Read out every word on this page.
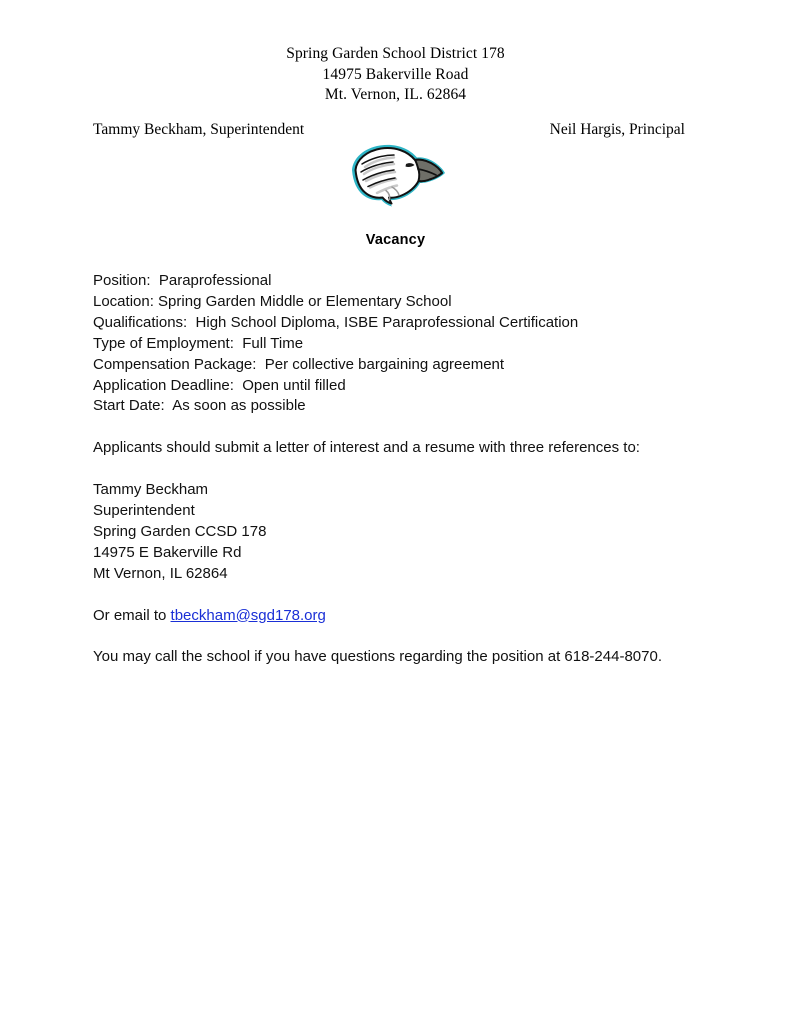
Spring Garden School District 178
14975 Bakerville Road
Mt. Vernon, IL. 62864
Tammy Beckham, Superintendent	Neil Hargis, Principal
Vacancy
Position:  Paraprofessional
Location: Spring Garden Middle or Elementary School
Qualifications:  High School Diploma, ISBE Paraprofessional Certification
Type of Employment:  Full Time
Compensation Package:  Per collective bargaining agreement
Application Deadline:  Open until filled
Start Date:  As soon as possible

Applicants should submit a letter of interest and a resume with three references to:

Tammy Beckham
Superintendent
Spring Garden CCSD 178
14975 E Bakerville Rd
Mt Vernon, IL 62864

Or email to tbeckham@sgd178.org

You may call the school if you have questions regarding the position at 618-244-8070.
